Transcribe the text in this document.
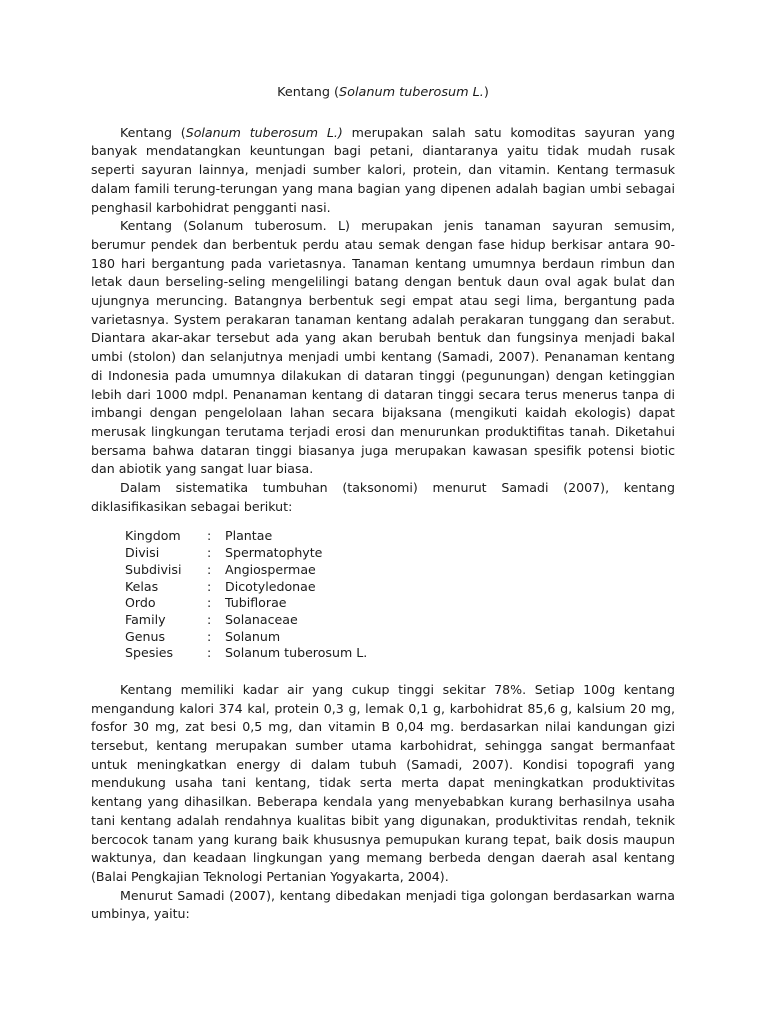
Kentang (Solanum tuberosum L.)

Kentang (Solanum tuberosum L.) merupakan salah satu komoditas sayuran yang banyak mendatangkan keuntungan bagi petani, diantaranya yaitu tidak mudah rusak seperti sayuran lainnya, menjadi sumber kalori, protein, dan vitamin. Kentang termasuk dalam famili terung-terungan yang mana bagian yang dipenen adalah bagian umbi sebagai penghasil karbohidrat pengganti nasi.

Kentang (Solanum tuberosum. L) merupakan jenis tanaman sayuran semusim, berumur pendek dan berbentuk perdu atau semak dengan fase hidup berkisar antara 90-180 hari bergantung pada varietasnya. Tanaman kentang umumnya berdaun rimbun dan letak daun berseling-seling mengelilingi batang dengan bentuk daun oval agak bulat dan ujungnya meruncing. Batangnya berbentuk segi empat atau segi lima, bergantung pada varietasnya. System perakaran tanaman kentang adalah perakaran tunggang dan serabut. Diantara akar-akar tersebut ada yang akan berubah bentuk dan fungsinya menjadi bakal umbi (stolon) dan selanjutnya menjadi umbi kentang (Samadi, 2007). Penanaman kentang di Indonesia pada umumnya dilakukan di dataran tinggi (pegunungan) dengan ketinggian lebih dari 1000 mdpl. Penanaman kentang di dataran tinggi secara terus menerus tanpa di imbangi dengan pengelolaan lahan secara bijaksana (mengikuti kaidah ekologis) dapat merusak lingkungan terutama terjadi erosi dan menurunkan produktifitas tanah. Diketahui bersama bahwa dataran tinggi biasanya juga merupakan kawasan spesifik potensi biotic dan abiotik yang sangat luar biasa.

Dalam sistematika tumbuhan (taksonomi) menurut Samadi (2007), kentang diklasifikasikan sebagai berikut:

Kingdom	:	Plantae
Divisi	:	Spermatophyte
Subdivisi	:	Angiospermae
Kelas	:	Dicotyledonae
Ordo	:	Tubiflorae
Family	:	Solanaceae
Genus	:	Solanum
Spesies	:	Solanum tuberosum L.

Kentang memiliki kadar air yang cukup tinggi sekitar 78%. Setiap 100g kentang mengandung kalori 374 kal, protein 0,3 g, lemak 0,1 g, karbohidrat 85,6 g, kalsium 20 mg, fosfor 30 mg, zat besi 0,5 mg, dan vitamin B 0,04 mg. berdasarkan nilai kandungan gizi tersebut, kentang merupakan sumber utama karbohidrat, sehingga sangat bermanfaat untuk meningkatkan energy di dalam tubuh (Samadi, 2007). Kondisi topografi yang mendukung usaha tani kentang, tidak serta merta dapat meningkatkan produktivitas kentang yang dihasilkan. Beberapa kendala yang menyebabkan kurang berhasilnya usaha tani kentang adalah rendahnya kualitas bibit yang digunakan, produktivitas rendah, teknik bercocok tanam yang kurang baik khususnya pemupukan kurang tepat, baik dosis maupun waktunya, dan keadaan lingkungan yang memang berbeda dengan daerah asal kentang (Balai Pengkajian Teknologi Pertanian Yogyakarta, 2004).

Menurut Samadi (2007), kentang dibedakan menjadi tiga golongan berdasarkan warna umbinya, yaitu:
